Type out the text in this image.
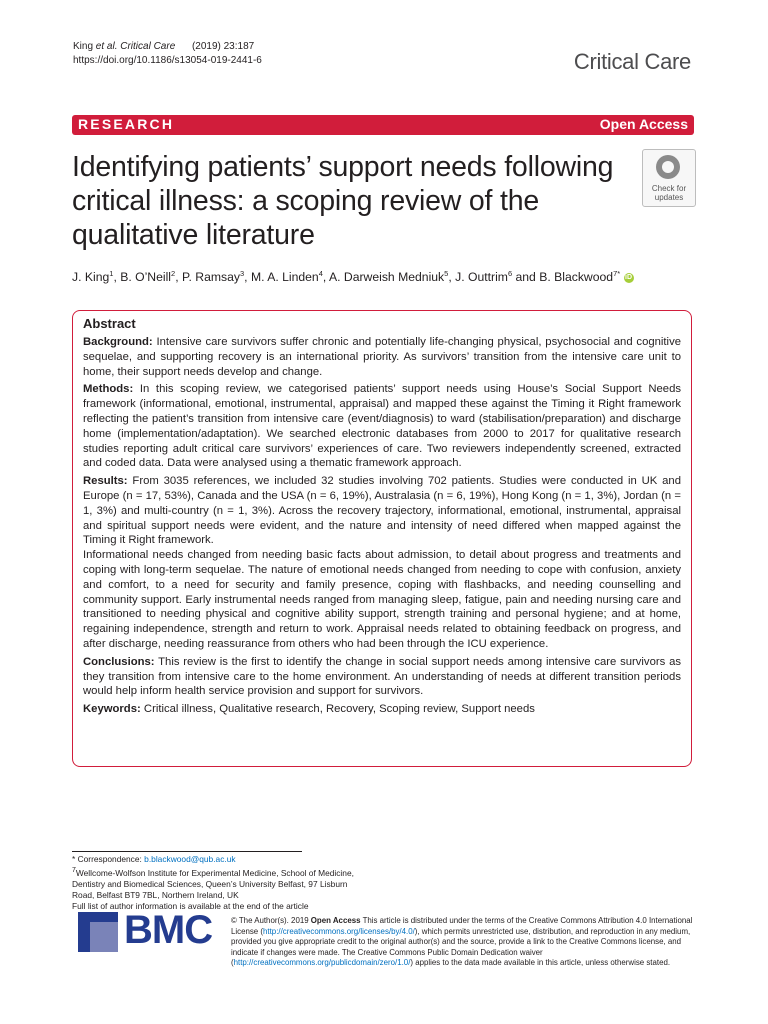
King et al. Critical Care (2019) 23:187
https://doi.org/10.1186/s13054-019-2441-6	Critical Care
RESEARCH	Open Access
Identifying patients’ support needs following critical illness: a scoping review of the qualitative literature
Check for
updates
J. King$^1$, B. O’Neill$^2$, P. Ramsay$^3$, M. A. Linden$^4$, A. Darweish Medniuk$^5$, J. Outtrim$^6$ and B. Blackwood$^{7*}$ iD
Abstract

Background: Intensive care survivors suffer chronic and potentially life-changing physical, psychosocial and cognitive sequelae, and supporting recovery is an international priority. As survivors’ transition from the intensive care unit to home, their support needs develop and change.

Methods: In this scoping review, we categorised patients’ support needs using House’s Social Support Needs framework (informational, emotional, instrumental, appraisal) and mapped these against the Timing it Right framework reflecting the patient’s transition from intensive care (event/diagnosis) to ward (stabilisation/preparation) and discharge home (implementation/adaptation). We searched electronic databases from 2000 to 2017 for qualitative research studies reporting adult critical care survivors’ experiences of care. Two reviewers independently screened, extracted and coded data. Data were analysed using a thematic framework approach.

Results: From 3035 references, we included 32 studies involving 702 patients. Studies were conducted in UK and Europe (n = 17, 53%), Canada and the USA (n = 6, 19%), Australasia (n = 6, 19%), Hong Kong (n = 1, 3%), Jordan (n = 1, 3%) and multi-country (n = 1, 3%). Across the recovery trajectory, informational, emotional, instrumental, appraisal and spiritual support needs were evident, and the nature and intensity of need differed when mapped against the Timing it Right framework.

Informational needs changed from needing basic facts about admission, to detail about progress and treatments and coping with long-term sequelae. The nature of emotional needs changed from needing to cope with confusion, anxiety and comfort, to a need for security and family presence, coping with flashbacks, and needing counselling and community support. Early instrumental needs ranged from managing sleep, fatigue, pain and needing nursing care and transitioned to needing physical and cognitive ability support, strength training and personal hygiene; and at home, regaining independence, strength and return to work. Appraisal needs related to obtaining feedback on progress, and after discharge, needing reassurance from others who had been through the ICU experience.

Conclusions: This review is the first to identify the change in social support needs among intensive care survivors as they transition from intensive care to the home environment. An understanding of needs at different transition periods would help inform health service provision and support for survivors.

Keywords: Critical illness, Qualitative research, Recovery, Scoping review, Support needs

* Correspondence: b.blackwood@qub.ac.uk
$^7$Wellcome-Wolfson Institute for Experimental Medicine, School of Medicine, Dentistry and Biomedical Sciences, Queen’s University Belfast, 97 Lisburn Road, Belfast BT9 7BL, Northern Ireland, UK
Full list of author information is available at the end of the article
BMC © The Author(s). 2019 Open Access This article is distributed under the terms of the Creative Commons Attribution 4.0 International License (http://creativecommons.org/licenses/by/4.0/), which permits unrestricted use, distribution, and reproduction in any medium, provided you give appropriate credit to the original author(s) and the source, provide a link to the Creative Commons license, and indicate if changes were made. The Creative Commons Public Domain Dedication waiver (http://creativecommons.org/publicdomain/zero/1.0/) applies to the data made available in this article, unless otherwise stated.
